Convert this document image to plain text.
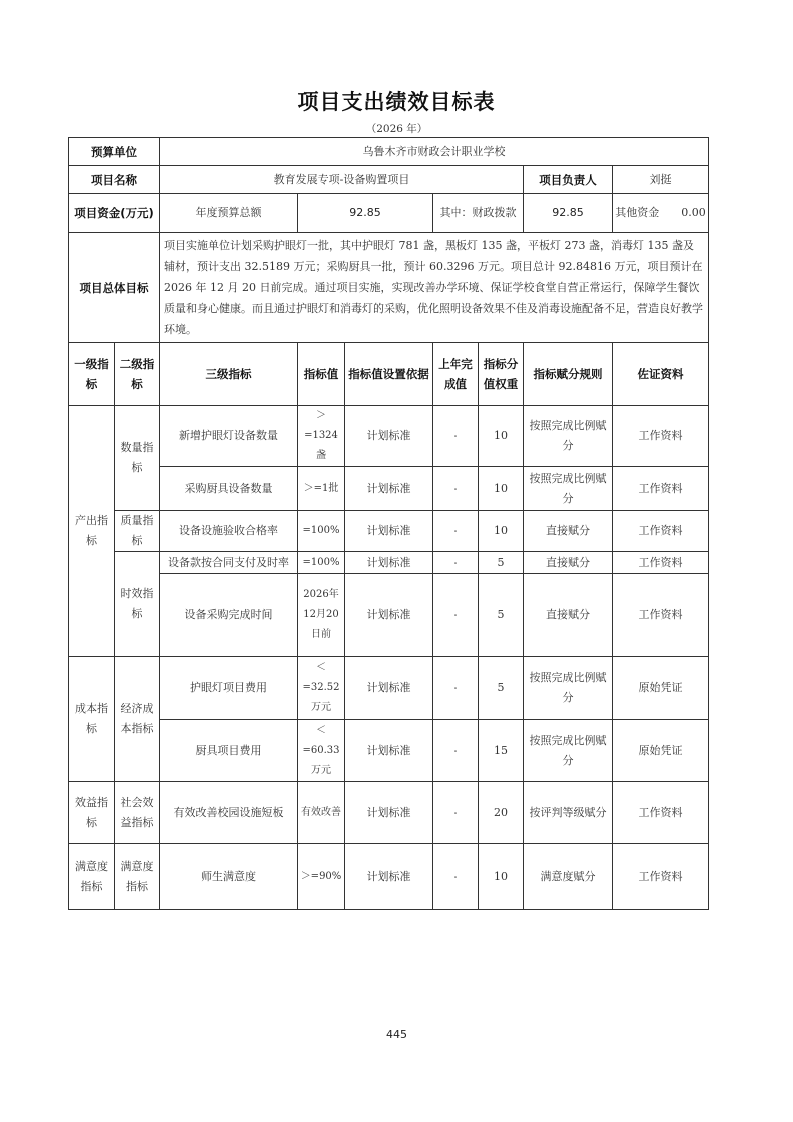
项目支出绩效目标表
（2026 年）
预算单位		乌鲁木齐市财政会计职业学校						
项目名称		教育发展专项-设备购置项目					项目负责人	刘挺
项目资金(万元)		年度预算总额	92.85		其中：财政拨款		92.85	其他资金 0.00
项目总体目标		项目实施单位计划采购护眼灯一批，其中护眼灯 781 盏，黑板灯 135 盏，平板灯 273 盏，消毒灯 135 盏及辅材，预计支出 32.5189 万元；采购厨具一批，预计 60.3296 万元。项目总计 92.84816 万元，项目预计在 2026 年 12 月 20 日前完成。通过项目实施，实现改善办学环境、保证学校食堂自营正常运行，保障学生餐饮质量和身心健康。而且通过护眼灯和消毒灯的采购，优化照明设备效果不佳及消毒设施配备不足，营造良好教学环境。						
一级指标	二级指标	三级指标	指标值	指标值设置依据	上年完成值	指标分值权重	指标赋分规则	佐证资料
产出指标	数量指标	新增护眼灯设备数量	＞=1324盏	计划标准	-	10	按照完成比例赋分	工作资料
		采购厨具设备数量	＞=1批	计划标准	-	10	按照完成比例赋分	工作资料
	质量指标	设备设施验收合格率	=100%	计划标准	-	10	直接赋分	工作资料
	时效指标	设备款按合同支付及时率	=100%	计划标准	-	5	直接赋分	工作资料
		设备采购完成时间	2026年12月20日前	计划标准	-	5	直接赋分	工作资料
成本指标	经济成本指标	护眼灯项目费用	＜=32.52万元	计划标准	-	5	按照完成比例赋分	原始凭证
		厨具项目费用	＜=60.33万元	计划标准	-	15	按照完成比例赋分	原始凭证
效益指标	社会效益指标	有效改善校园设施短板	有效改善	计划标准	-	20	按评判等级赋分	工作资料
满意度指标	满意度指标	师生满意度	＞=90%	计划标准	-	10	满意度赋分	工作资料
445
